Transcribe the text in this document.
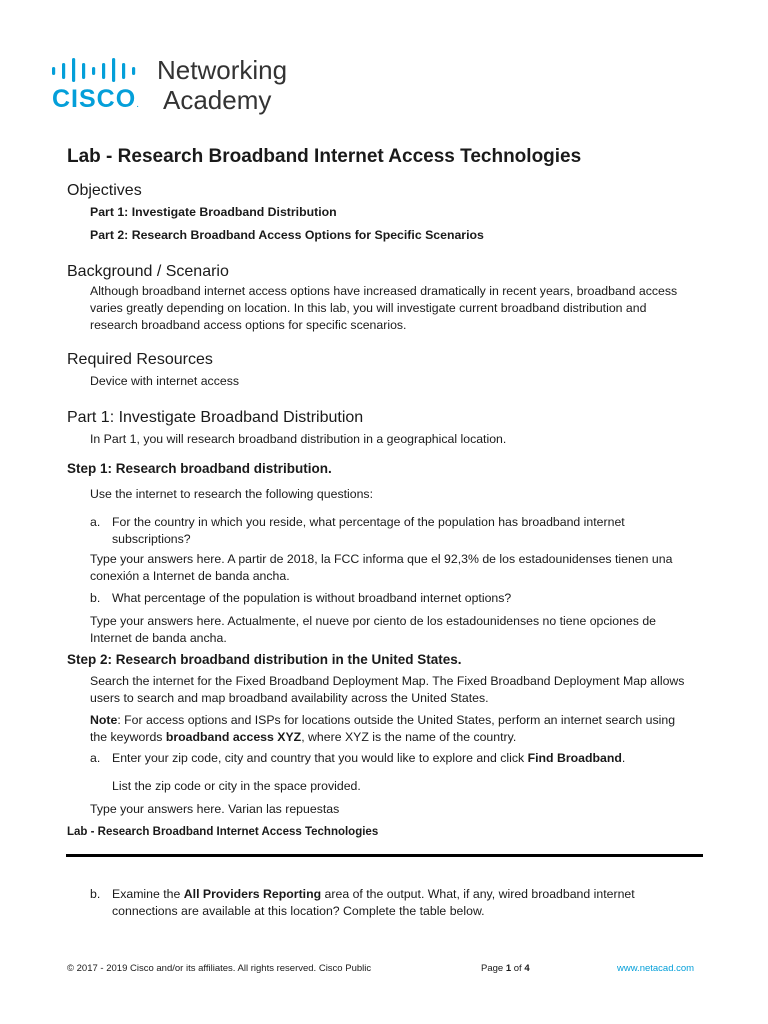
CISCO.
Networking
Academy
Lab - Research Broadband Internet Access Technologies
Objectives
Part 1: Investigate Broadband Distribution
Part 2: Research Broadband Access Options for Specific Scenarios
Background / Scenario
Although broadband internet access options have increased dramatically in recent years, broadband access
varies greatly depending on location. In this lab, you will investigate current broadband distribution and
research broadband access options for specific scenarios.
Required Resources
Device with internet access
Part 1: Investigate Broadband Distribution
In Part 1, you will research broadband distribution in a geographical location.
Step 1: Research broadband distribution.
Use the internet to research the following questions:
a. For the country in which you reside, what percentage of the population has broadband internet
subscriptions?
Type your answers here. A partir de 2018, la FCC informa que el 92,3% de los estadounidenses tienen una
conexión a Internet de banda ancha.
b. What percentage of the population is without broadband internet options?
Type your answers here. Actualmente, el nueve por ciento de los estadounidenses no tiene opciones de
Internet de banda ancha.
Step 2: Research broadband distribution in the United States.
Search the internet for the Fixed Broadband Deployment Map. The Fixed Broadband Deployment Map allows
users to search and map broadband availability across the United States.
Note: For access options and ISPs for locations outside the United States, perform an internet search using
the keywords broadband access XYZ, where XYZ is the name of the country.
a. Enter your zip code, city and country that you would like to explore and click Find Broadband.
List the zip code or city in the space provided.
Type your answers here. Varian las repuestas
Lab - Research Broadband Internet Access Technologies
b. Examine the All Providers Reporting area of the output. What, if any, wired broadband internet
connections are available at this location? Complete the table below.
© 2017 - 2019 Cisco and/or its affiliates. All rights reserved. Cisco Public	Page 1 of 4	www.netacad.com
